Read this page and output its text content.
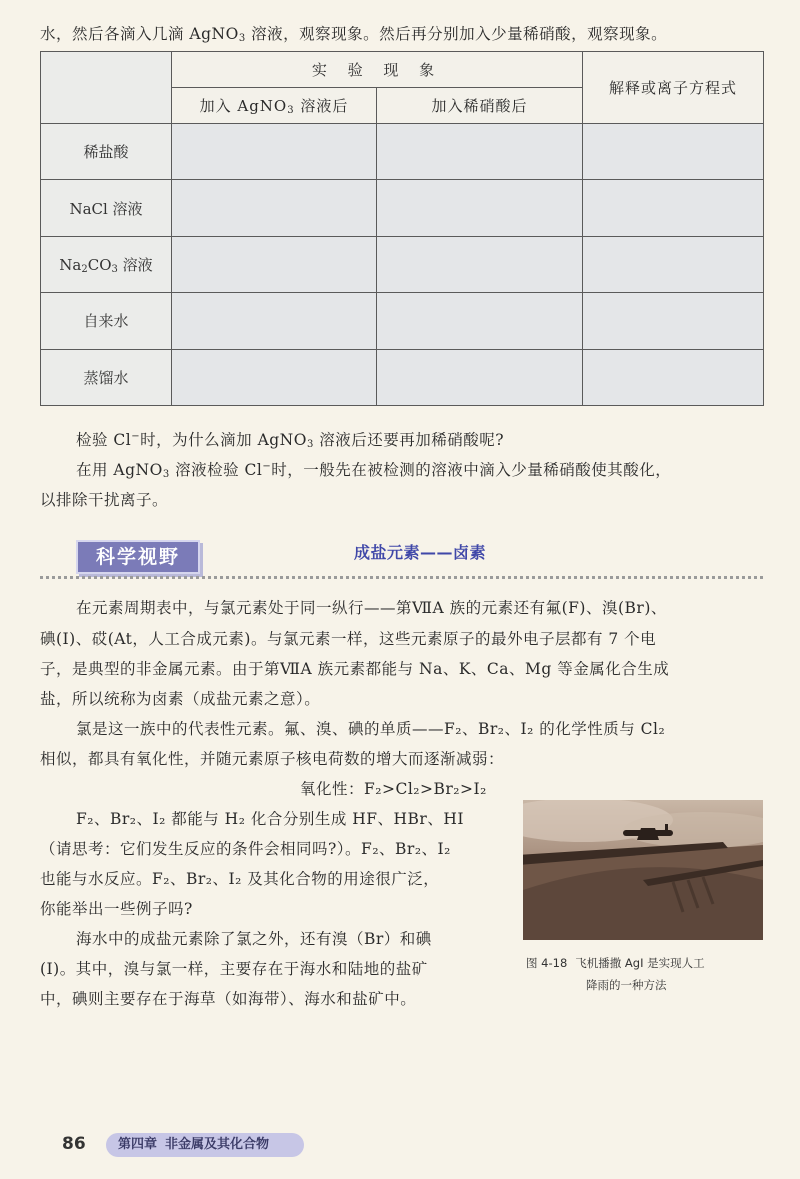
水，然后各滴入几滴 AgNO$_3$ 溶液，观察现象。然后再分别加入少量稀硝酸，观察现象。
	实 验 现 象		解释或离子方程式
	加入 AgNO$_3$ 溶液后	加入稀硝酸后	
稀盐酸			
NaCl 溶液			
$Na_2CO_3$ 溶液			
自来水			
蒸馏水			
检验 Cl−时，为什么滴加 AgNO$_3$ 溶液后还要再加稀硝酸呢?
在用 AgNO$_3$ 溶液检验 Cl−时，一般先在被检测的溶液中滴入少量稀硝酸使其酸化，
以排除干扰离子。
科学视野	成盐元素——卤素
在元素周期表中，与氯元素处于同一纵行——第ⅦA 族的元素还有氟(F)、溴(Br)、
碘(I)、砹(At，人工合成元素)。与氯元素一样，这些元素原子的最外电子层都有 7 个电
子，是典型的非金属元素。由于第ⅦA 族元素都能与 Na、K、Ca、Mg 等金属化合生成
盐，所以统称为卤素（成盐元素之意）。
氯是这一族中的代表性元素。氟、溴、碘的单质——F₂、Br₂、I₂ 的化学性质与 Cl₂
相似，都具有氧化性，并随元素原子核电荷数的增大而逐渐减弱：
氧化性：F₂>Cl₂>Br₂>I₂
F₂、Br₂、I₂ 都能与 H₂ 化合分别生成 HF、HBr、HI
（请思考：它们发生反应的条件会相同吗?）。F₂、Br₂、I₂
也能与水反应。F₂、Br₂、I₂ 及其化合物的用途很广泛，
你能举出一些例子吗?
海水中的成盐元素除了氯之外，还有溴（Br）和碘
(I)。其中，溴与氯一样，主要存在于海水和陆地的盐矿
中，碘则主要存在于海草（如海带）、海水和盐矿中。
图 4-18 飞机播撒 AgI 是实现人工
降雨的一种方法
86	第四章 非金属及其化合物
